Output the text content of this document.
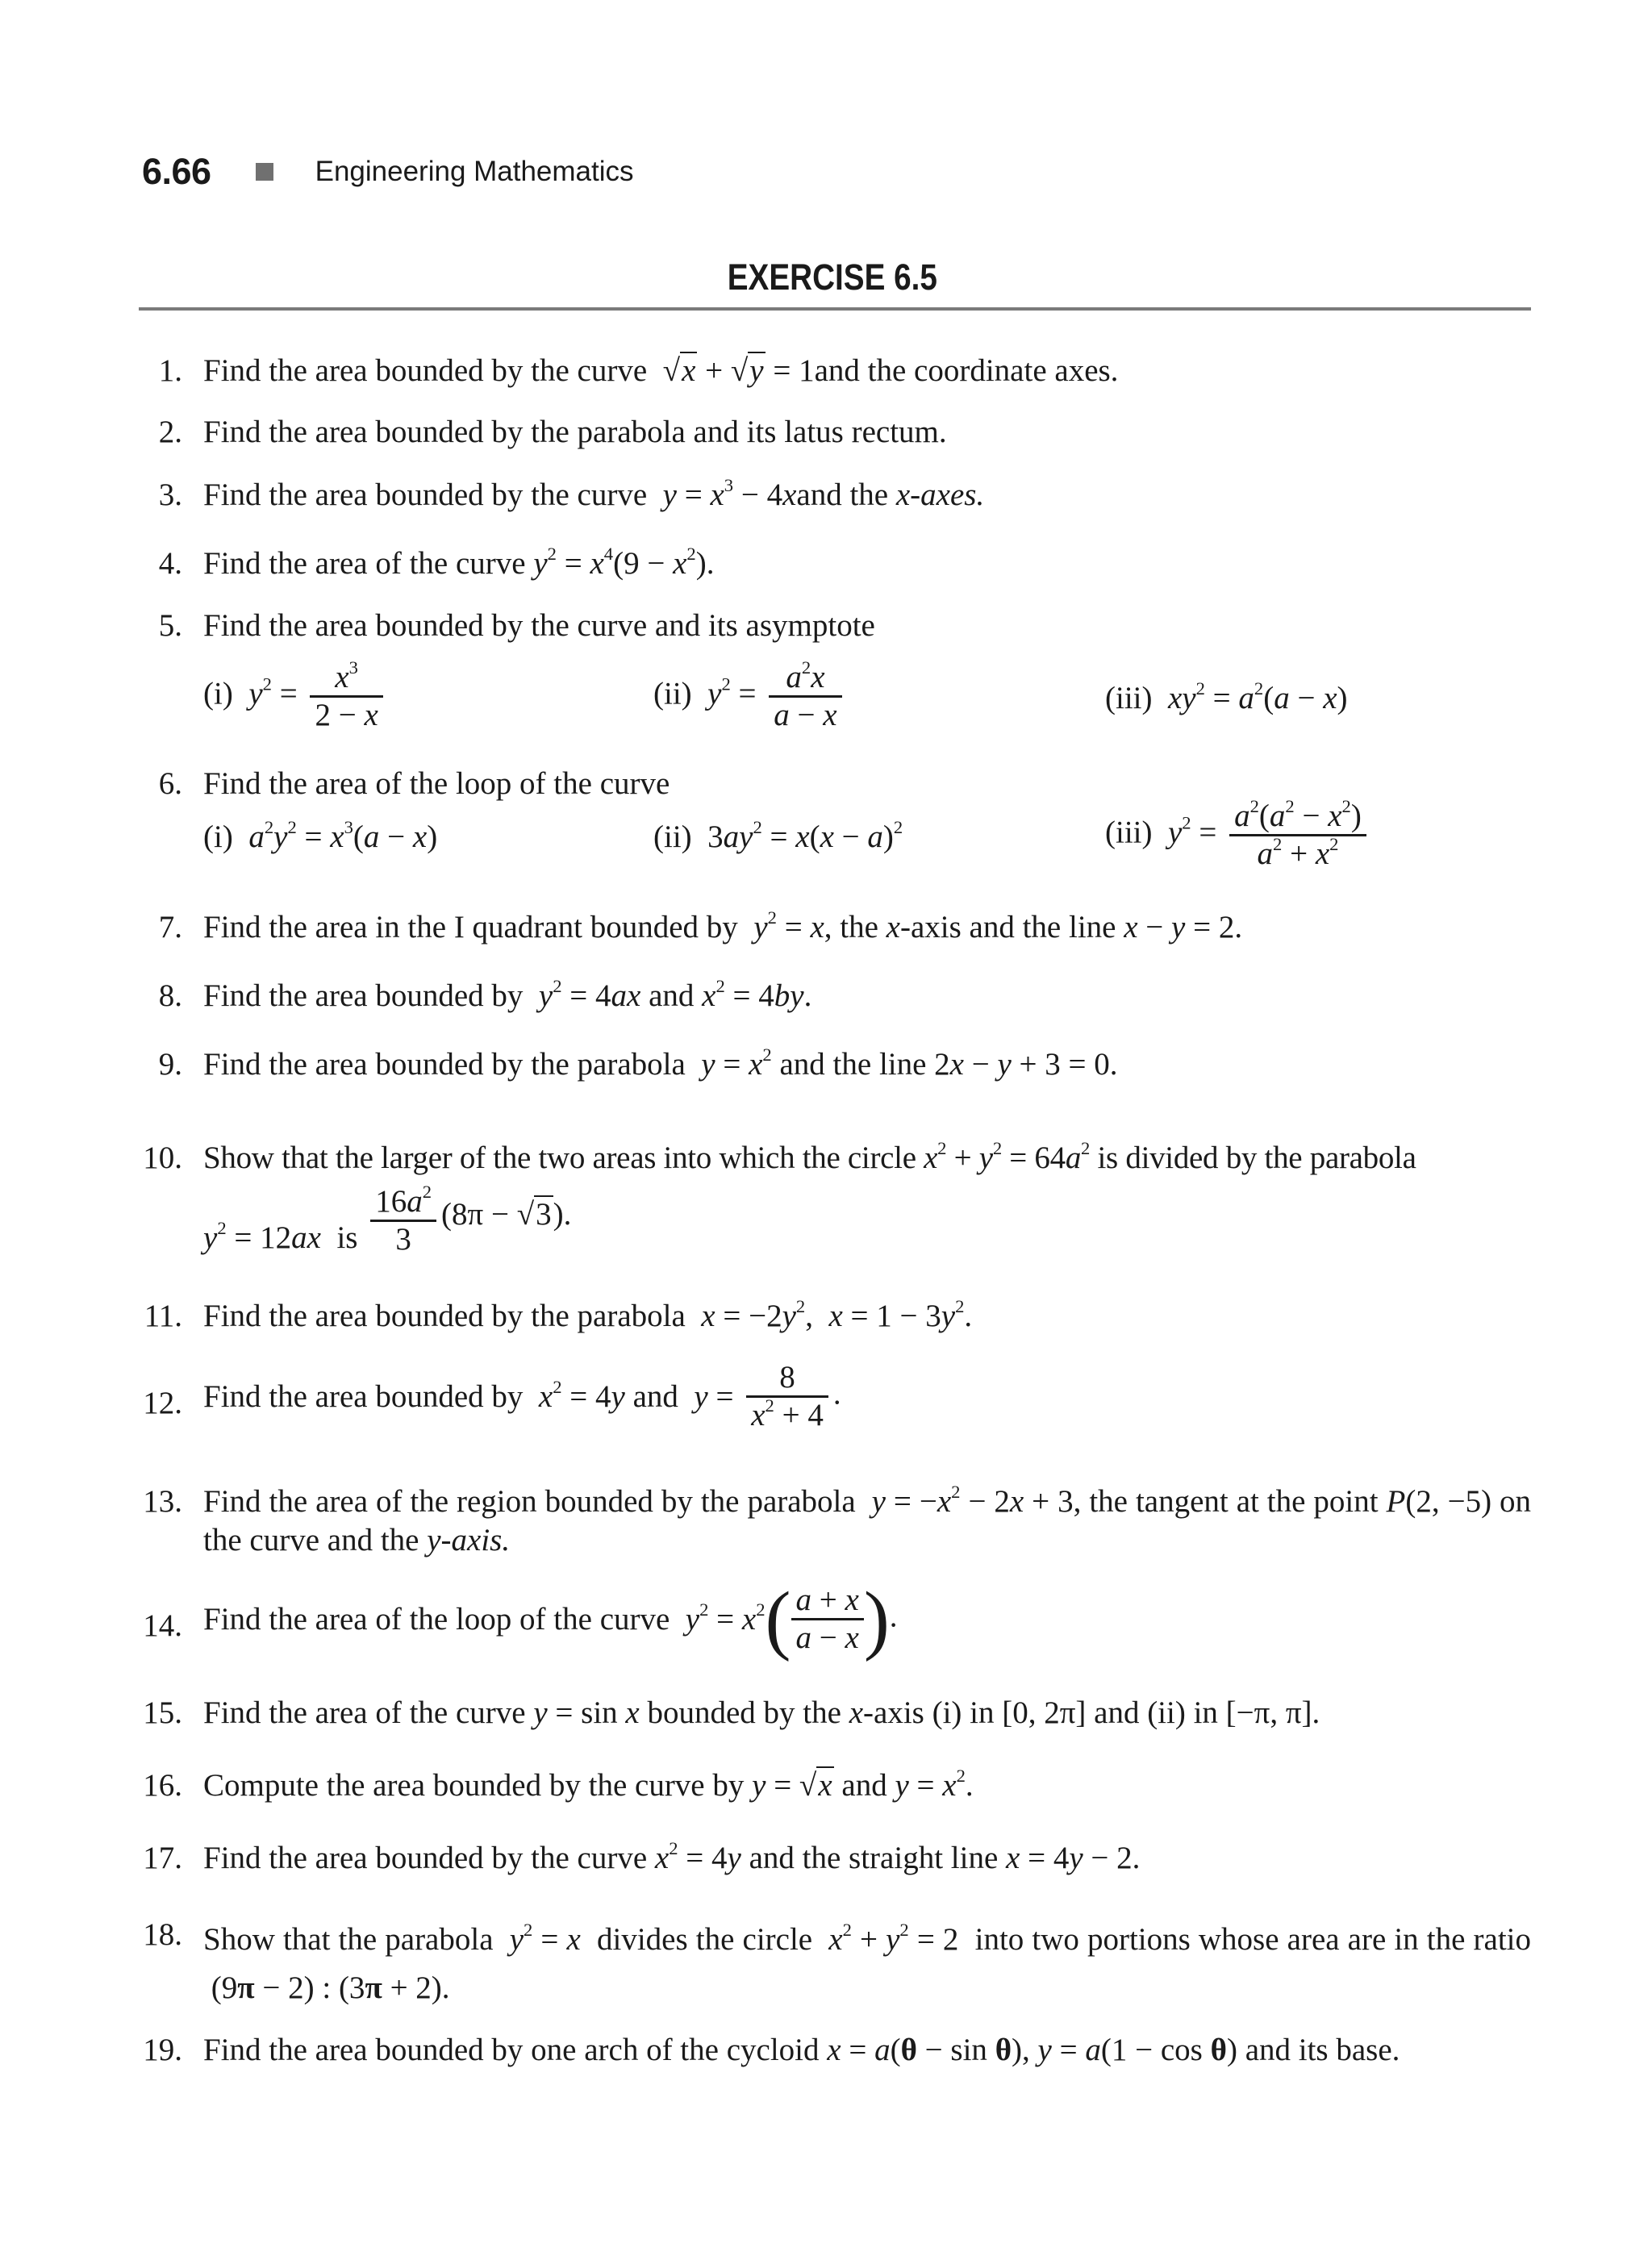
6.66	Engineering Mathematics
EXERCISE 6.5
1. Find the area bounded by the curve  √x + √y = 1and the coordinate axes.
2. Find the area bounded by the parabola and its latus rectum.
3. Find the area bounded by the curve $y = x^3$ − 4xand the x-axes.
4. Find the area of the curve $y^2 = x^4(9 - x^2)$.
5. Find the area bounded by the curve and its asymptote
(i) $y^2 = \frac{x^3}{2 - x}$	(ii) $y^2 = \frac{a^2x}{a - x}$	(iii) $xy^2 = a^2(a - x)$
6. Find the area of the loop of the curve
(i) $a^2y^2 = x^3(a - x)$	(ii)  $3ay^2 = x(x - a)^2$	(iii) $y^2 = \frac{a^2(a^2 - x^2)}{a^2 + x^2}$
7. Find the area in the I quadrant bounded by $y^2 = x$, the x-axis and the line x − y = 2.
8. Find the area bounded by $y^2 = 4ax$ and $x^2 = 4by$.
9. Find the area bounded by the parabola $y = x^2$ and the line 2x − y + 3 = 0.
10. Show that the larger of the two areas into which the circle $x^2 + y^2 = 64a^2$ is divided by the parabola
$y^2 = 12ax$ is $\frac{16a^2}{3} (8\pi - √3)$.
11. Find the area bounded by the parabola $x = -2y^2$,  $x = 1 - 3y^2$.
12. Find the area bounded by $x^2 = 4y$ and $y = \frac{8}{x^2 + 4}$ .
13. Find the area of the region bounded by the parabola $y = -x^2 - 2x + 3$, the tangent at the point P(2, −5) on the curve and the y-axis.
14. Find the area of the loop of the curve $y^2 = x^2( \frac{a + x}{a - x}$ ).
15. Find the area of the curve y = sin x bounded by the x-axis (i) in [0, 2π] and (ii) in [−π, π].
16. Compute the area bounded by the curve by y = √x and $y = x^2$.
17. Find the area bounded by the curve $x^2 = 4y$ and the straight line x = 4y − 2.
18. Show that the parabola $y^2 = x$ divides the circle $x^2 + y^2 = 2$  into two portions whose area are in the ratio  (9π − 2) : (3π + 2).
19. Find the area bounded by one arch of the cycloid x = a(θ − sin θ), y = a(1 − cos θ) and its base.
